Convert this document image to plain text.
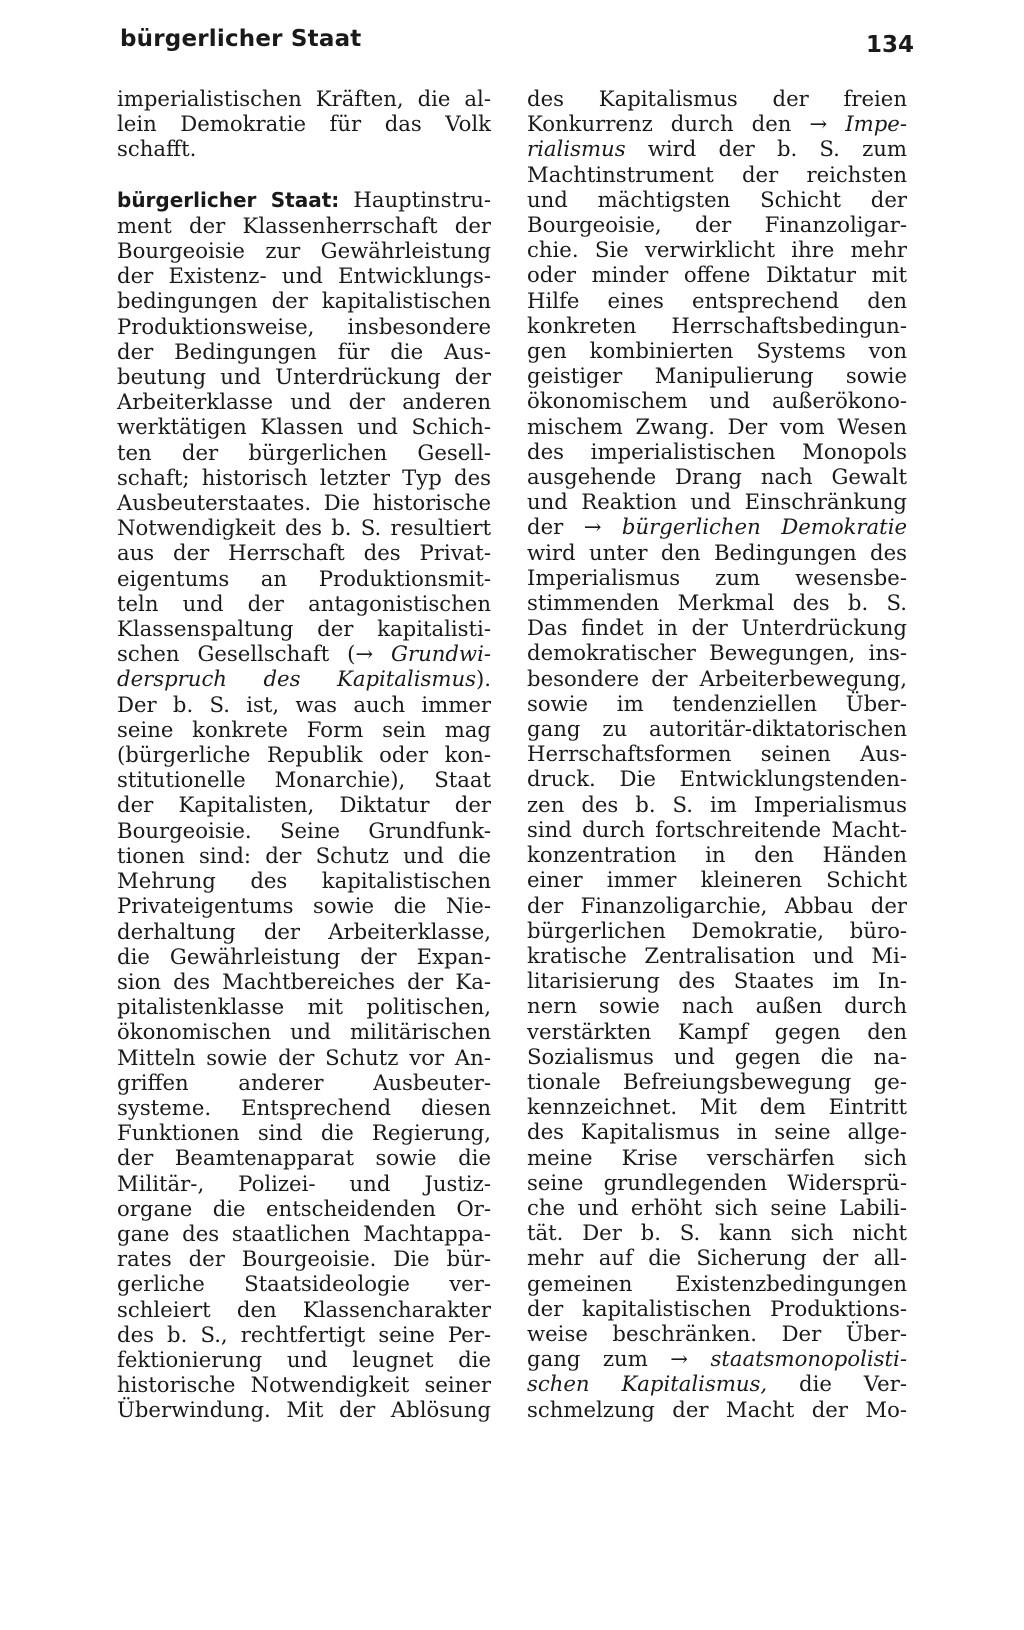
bürgerlicher Staat	134
imperialistischen Kräften, die al-
lein Demokratie für das Volk
schafft.
bürgerlicher Staat: Hauptinstru-
ment der Klassenherrschaft der
Bourgeoisie zur Gewährleistung
der Existenz- und Entwicklungs-
bedingungen der kapitalistischen
Produktionsweise, insbesondere
der Bedingungen für die Aus-
beutung und Unterdrückung der
Arbeiterklasse und der anderen
werktätigen Klassen und Schich-
ten der bürgerlichen Gesell-
schaft; historisch letzter Typ des
Ausbeuterstaates. Die historische
Notwendigkeit des b. S. resultiert
aus der Herrschaft des Privat-
eigentums an Produktionsmit-
teln und der antagonistischen
Klassenspaltung der kapitalisti-
schen Gesellschaft (→ Grundwi-
derspruch des Kapitalismus).
Der b. S. ist, was auch immer
seine konkrete Form sein mag
(bürgerliche Republik oder kon-
stitutionelle Monarchie), Staat
der Kapitalisten, Diktatur der
Bourgeoisie. Seine Grundfunk-
tionen sind: der Schutz und die
Mehrung des kapitalistischen
Privateigentums sowie die Nie-
derhaltung der Arbeiterklasse,
die Gewährleistung der Expan-
sion des Machtbereiches der Ka-
pitalistenklasse mit politischen,
ökonomischen und militärischen
Mitteln sowie der Schutz vor An-
griffen anderer Ausbeuter-
systeme. Entsprechend diesen
Funktionen sind die Regierung,
der Beamtenapparat sowie die
Militär-, Polizei- und Justiz-
organe die entscheidenden Or-
gane des staatlichen Machtappa-
rates der Bourgeoisie. Die bür-
gerliche Staatsideologie ver-
schleiert den Klassencharakter
des b. S., rechtfertigt seine Per-
fektionierung und leugnet die
historische Notwendigkeit seiner
Überwindung. Mit der Ablösung
des Kapitalismus der freien
Konkurrenz durch den → Impe-
rialismus wird der b. S. zum
Machtinstrument der reichsten
und mächtigsten Schicht der
Bourgeoisie, der Finanzoligar-
chie. Sie verwirklicht ihre mehr
oder minder offene Diktatur mit
Hilfe eines entsprechend den
konkreten Herrschaftsbedingun-
gen kombinierten Systems von
geistiger Manipulierung sowie
ökonomischem und außerökono-
mischem Zwang. Der vom Wesen
des imperialistischen Monopols
ausgehende Drang nach Gewalt
und Reaktion und Einschränkung
der → bürgerlichen Demokratie
wird unter den Bedingungen des
Imperialismus zum wesensbe-
stimmenden Merkmal des b. S.
Das findet in der Unterdrückung
demokratischer Bewegungen, ins-
besondere der Arbeiterbewegung,
sowie im tendenziellen Über-
gang zu autoritär-diktatorischen
Herrschaftsformen seinen Aus-
druck. Die Entwicklungstenden-
zen des b. S. im Imperialismus
sind durch fortschreitende Macht-
konzentration in den Händen
einer immer kleineren Schicht
der Finanzoligarchie, Abbau der
bürgerlichen Demokratie, büro-
kratische Zentralisation und Mi-
litarisierung des Staates im In-
nern sowie nach außen durch
verstärkten Kampf gegen den
Sozialismus und gegen die na-
tionale Befreiungsbewegung ge-
kennzeichnet. Mit dem Eintritt
des Kapitalismus in seine allge-
meine Krise verschärfen sich
seine grundlegenden Widersprü-
che und erhöht sich seine Labili-
tät. Der b. S. kann sich nicht
mehr auf die Sicherung der all-
gemeinen Existenzbedingungen
der kapitalistischen Produktions-
weise beschränken. Der Über-
gang zum → staatsmonopolisti-
schen Kapitalismus, die Ver-
schmelzung der Macht der Mo-
